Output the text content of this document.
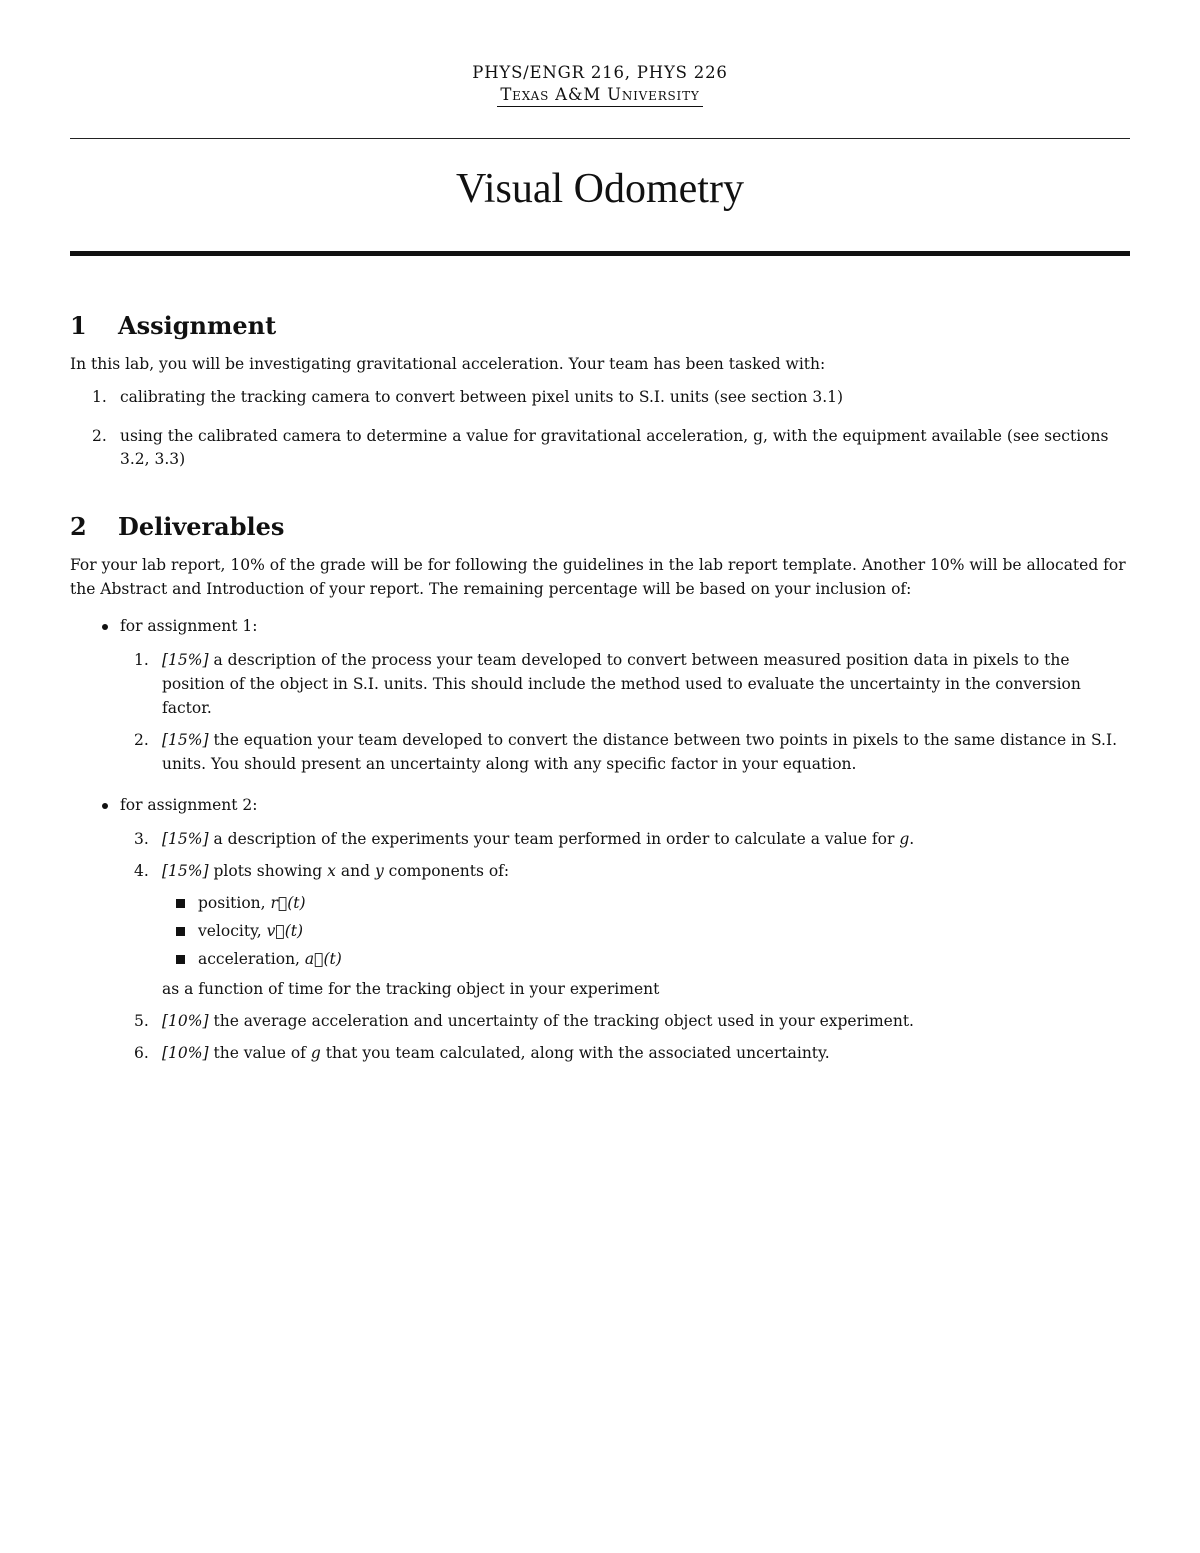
PHYS/ENGR 216, PHYS 226
Texas A&M University
Visual Odometry
1 Assignment

In this lab, you will be investigating gravitational acceleration. Your team has been tasked with:

1. calibrating the tracking camera to convert between pixel units to S.I. units (see section 3.1)
2. using the calibrated camera to determine a value for gravitational acceleration, g, with the equipment available (see sections 3.2, 3.3)
2 Deliverables

For your lab report, 10% of the grade will be for following the guidelines in the lab report template. Another 10% will be allocated for the Abstract and Introduction of your report. The remaining percentage will be based on your inclusion of:

for assignment 1:
1. [15%] a description of the process your team developed to convert between measured position data in pixels to the position of the object in S.I. units. This should include the method used to evaluate the uncertainty in the conversion factor.
2. [15%] the equation your team developed to convert the distance between two points in pixels to the same distance in S.I. units. You should present an uncertainty along with any specific factor in your equation.
for assignment 2:
3. [15%] a description of the experiments your team performed in order to calculate a value for g.
4. [15%] plots showing x and y components of:
position, r⃗(t)
velocity, v⃗(t)
acceleration, a⃗(t)
as a function of time for the tracking object in your experiment
5. [10%] the average acceleration and uncertainty of the tracking object used in your experiment.
6. [10%] the value of g that you team calculated, along with the associated uncertainty.
